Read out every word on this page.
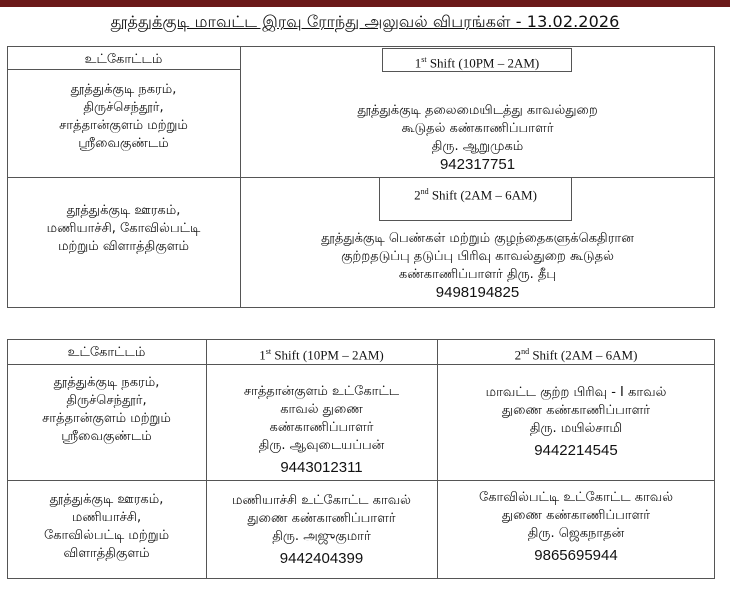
தூத்துக்குடி மாவட்ட இரவு ரோந்து அலுவல் விபரங்கள் - 13.02.2026
உட்கோட்டம்
தூத்துக்குடி நகரம்,
திருச்செந்தூர்,
சாத்தான்குளம் மற்றும்
ஸ்ரீவைகுண்டம்
1st Shift (10PM – 2AM)
தூத்துக்குடி தலைமையிடத்து காவல்துறை
கூடுதல் கண்காணிப்பாளர்
திரு. ஆறுமுகம்
942317751
தூத்துக்குடி ஊரகம்,
மணியாச்சி, கோவில்பட்டி
மற்றும் விளாத்திகுளம்
2nd Shift (2AM – 6AM)
தூத்துக்குடி பெண்கள் மற்றும் குழந்தைகளுக்கெதிரான
குற்றதடுப்பு தடுப்பு பிரிவு காவல்துறை கூடுதல்
கண்காணிப்பாளர் திரு. தீபு
9498194825
உட்கோட்டம்	1st Shift (10PM – 2AM)	2nd Shift (2AM – 6AM)
தூத்துக்குடி நகரம்,
திருச்செந்தூர்,
சாத்தான்குளம் மற்றும்
ஸ்ரீவைகுண்டம்
சாத்தான்குளம் உட்கோட்ட
காவல் துணை
கண்காணிப்பாளர்
திரு. ஆவுடையப்பன்
9443012311
மாவட்ட குற்ற பிரிவு - I காவல்
துணை கண்காணிப்பாளர்
திரு. மயில்சாமி
9442214545
தூத்துக்குடி ஊரகம்,
மணியாச்சி,
கோவில்பட்டி மற்றும்
விளாத்திகுளம்
மணியாச்சி உட்கோட்ட காவல்
துணை கண்காணிப்பாளர்
திரு. அஜுகுமார்
9442404399
கோவில்பட்டி உட்கோட்ட காவல்
துணை கண்காணிப்பாளர்
திரு. ஜெகநாதன்
9865695944
